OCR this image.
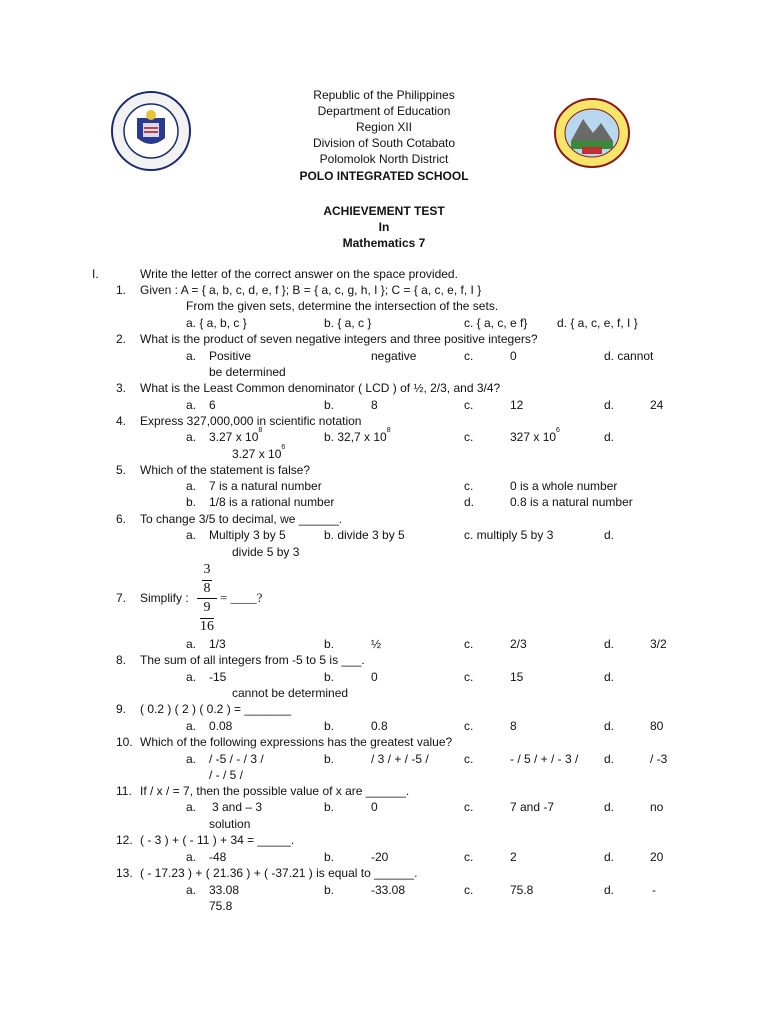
Republic of the Philippines
Department of Education
Region XII
Division of South Cotabato
Polomolok North District
POLO INTEGRATED SCHOOL
ACHIEVEMENT TEST
In
Mathematics 7
I.	Write the letter of the correct answer on the space provided.
1. Given : A = { a, b, c, d, e, f }; B = { a, c, g, h, I }; C = { a, c, e, f, I }
From the given sets, determine the intersection of the sets.
a. { a, b, c }	b. { a, c }	c. { a, c, e f} d. { a, c, e, f, I }
2. What is the product of seven negative integers and three positive integers?
a. Positive	negative	c.	0	d. cannot
be determined
3. What is the Least Common denominator ( LCD ) of ½, 2/3, and 3/4?
a. 6	b.	8	c.	12	d.	24
4. Express 327,000,000 in scientific notation
a. 3.27 x $10^8$	b. 32,7 x $10^8$	c.	327 x $10^6$	d.
3.27 x $10^6$
5. Which of the statement is false?
a. 7 is a natural number	c.	0 is a whole number
b. 1/8 is a rational number	d.	0.8 is a natural number
6. To change 3/5 to decimal, we ______.
a. Multiply 3 by 5	b. divide 3 by 5	c. multiply 5 by 3	d.
divide 5 by 3
7. Simplify :
3
8
9
16
= ____?
a. 1/3	b.	½	c.	2/3	d.	3/2
8. The sum of all integers from -5 to 5 is ___.
a. -15	b.	0	c.	15	d.
cannot be determined
9. ( 0.2 ) ( 2 ) ( 0.2 ) = _______
a. 0.08	b.	0.8	c.	8	d.	80
10. Which of the following expressions has the greatest value?
a. / -5 / - / 3 /	b.	/ 3 / + / -5 /	c.	- / 5 / + / - 3 / d.	/ -3
/ - / 5 /
11. If / x / = 7, then the possible value of x are ______.
a. 3 and – 3	b.	0	c.	7 and -7	d.	no
solution
12. ( - 3 ) + ( - 11 ) + 34 = _____.
a. -48	b.	-20	c.	2	d.	20
13. ( - 17.23 ) + ( 21.36 ) + ( -37.21 ) is equal to ______.
a. 33.08	b.	-33.08	c.	75.8	d.	-
75.8
